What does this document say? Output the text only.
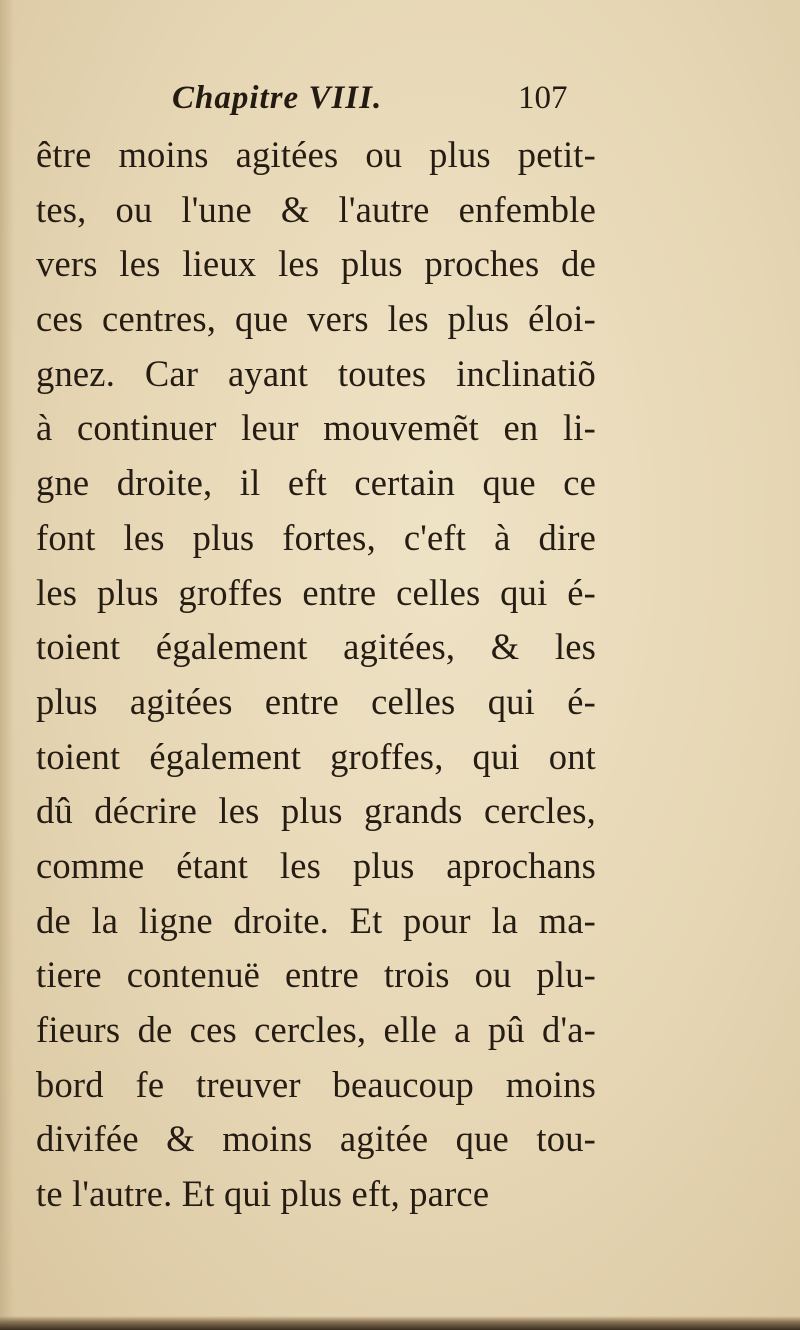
Chapitre VIII.	107
être moins agitées ou plus petit-
tes, ou l'une & l'autre enfemble
vers les lieux les plus proches de
ces centres, que vers les plus éloi-
gnez. Car ayant toutes inclinatiõ
à continuer leur mouvemẽt en li-
gne droite, il eft certain que ce
font les plus fortes, c'eft à dire
les plus groffes entre celles qui é-
toient également agitées, & les
plus agitées entre celles qui é-
toient également groffes, qui ont
dû décrire les plus grands cercles,
comme étant les plus aprochans
de la ligne droite. Et pour la ma-
tiere contenuë entre trois ou plu-
fieurs de ces cercles, elle a pû d'a-
bord fe treuver beaucoup moins
divifée & moins agitée que tou-
te l'autre. Et qui plus eft, parce
